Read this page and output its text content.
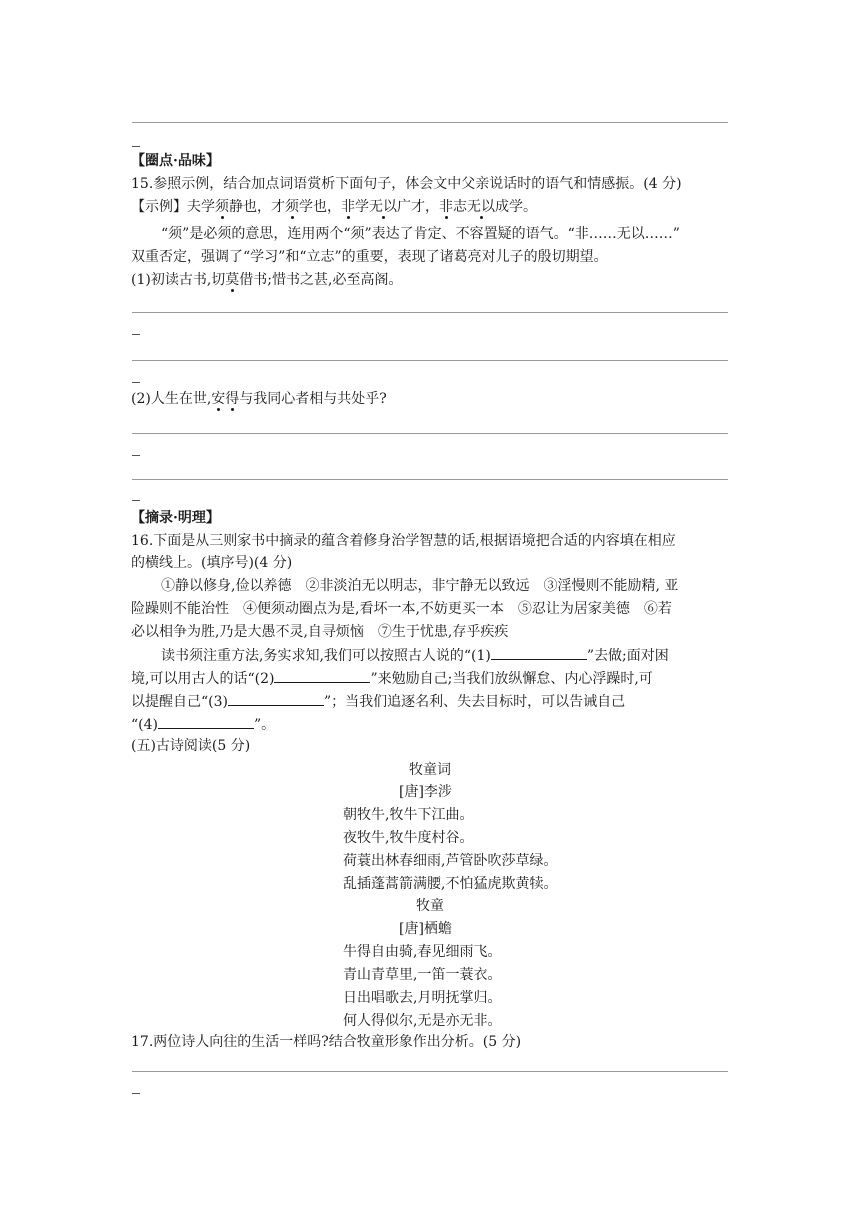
【圈点·品味】
15.参照示例，结合加点词语赏析下面句子，体会文中父亲说话时的语气和情感振。(4 分)
【示例】夫学须静也，才须学也，非学无以广才，非志无以成学。
“须”是必须的意思，连用两个“须”表达了肯定、不容置疑的语气。“非……无以……”
双重否定，强调了“学习”和“立志”的重要，表现了诸葛亮对儿子的殷切期望。
(1)初读古书,切莫借书;惜书之甚,必至高阁。
(2)人生在世,安得与我同心者相与共处乎?
【摘录·明理】
16.下面是从三则家书中摘录的蕴含着修身治学智慧的话,根据语境把合适的内容填在相应
的横线上。(填序号)(4 分)
①静以修身,俭以养德　②非淡泊无以明志，非宁静无以致远　③淫慢则不能励精, 亚
险躁则不能治性　④便须动圈点为是,看坏一本,不妨更买一本　⑤忍让为居家美德　⑥若
必以相争为胜,乃是大愚不灵,自寻烦恼　⑦生于忧患,存乎疾疾
读书须注重方法,务实求知,我们可以按照古人说的“(1)	”去做;面对困
境,可以用古人的话“(2)	”来勉励自己;当我们放纵懈怠、内心浮躁时,可
以提醒自己“(3)	”；当我们追逐名利、失去目标时，可以告诫自己
“(4)	”。
(五)古诗阅读(5 分)
牧童词
[唐]李涉
朝牧牛,牧牛下江曲。
夜牧牛,牧牛度村谷。
荷蓑出林春细雨,芦管卧吹莎草绿。
乱插蓬蒿箭满腰,不怕猛虎欺黄犊。
牧童
[唐]栖蟾
牛得自由骑,春见细雨飞。
青山青草里,一笛一蓑衣。
日出唱歌去,月明抚掌归。
何人得似尔,无是亦无非。
17.两位诗人向往的生活一样吗?结合牧童形象作出分析。(5 分)
